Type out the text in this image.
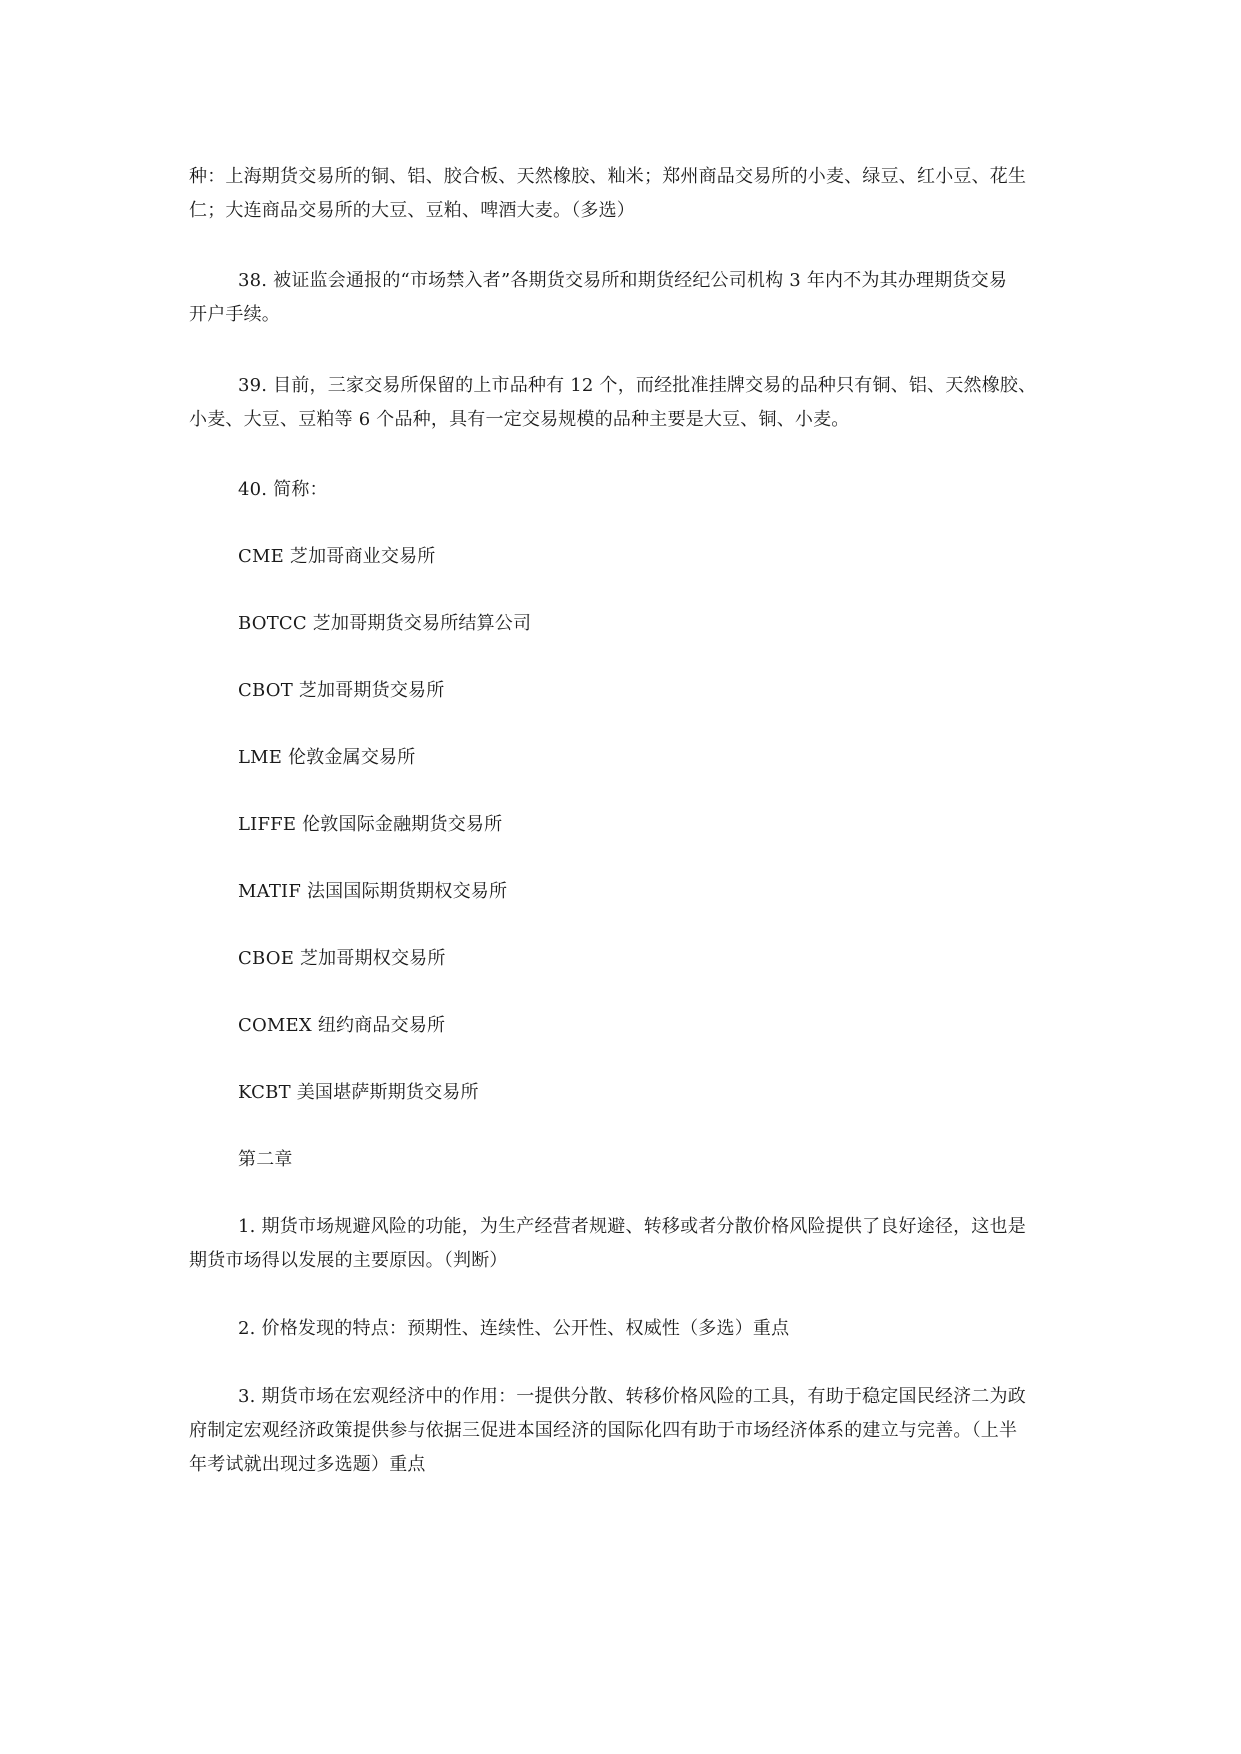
种：上海期货交易所的铜、铝、胶合板、天然橡胶、籼米；郑州商品交易所的小麦、绿豆、红小豆、花生
仁；大连商品交易所的大豆、豆粕、啤酒大麦。（多选）
38. 被证监会通报的“市场禁入者”各期货交易所和期货经纪公司机构 3 年内不为其办理期货交易
开户手续。
39. 目前，三家交易所保留的上市品种有 12 个，而经批准挂牌交易的品种只有铜、铝、天然橡胶、
小麦、大豆、豆粕等 6 个品种，具有一定交易规模的品种主要是大豆、铜、小麦。
40. 简称：
CME 芝加哥商业交易所
BOTCC 芝加哥期货交易所结算公司
CBOT 芝加哥期货交易所
LME 伦敦金属交易所
LIFFE 伦敦国际金融期货交易所
MATIF 法国国际期货期权交易所
CBOE 芝加哥期权交易所
COMEX 纽约商品交易所
KCBT 美国堪萨斯期货交易所
第二章
1. 期货市场规避风险的功能，为生产经营者规避、转移或者分散价格风险提供了良好途径，这也是
期货市场得以发展的主要原因。（判断）
2. 价格发现的特点：预期性、连续性、公开性、权威性（多选）重点
3. 期货市场在宏观经济中的作用：一提供分散、转移价格风险的工具，有助于稳定国民经济二为政
府制定宏观经济政策提供参与依据三促进本国经济的国际化四有助于市场经济体系的建立与完善。（上半
年考试就出现过多选题）重点
